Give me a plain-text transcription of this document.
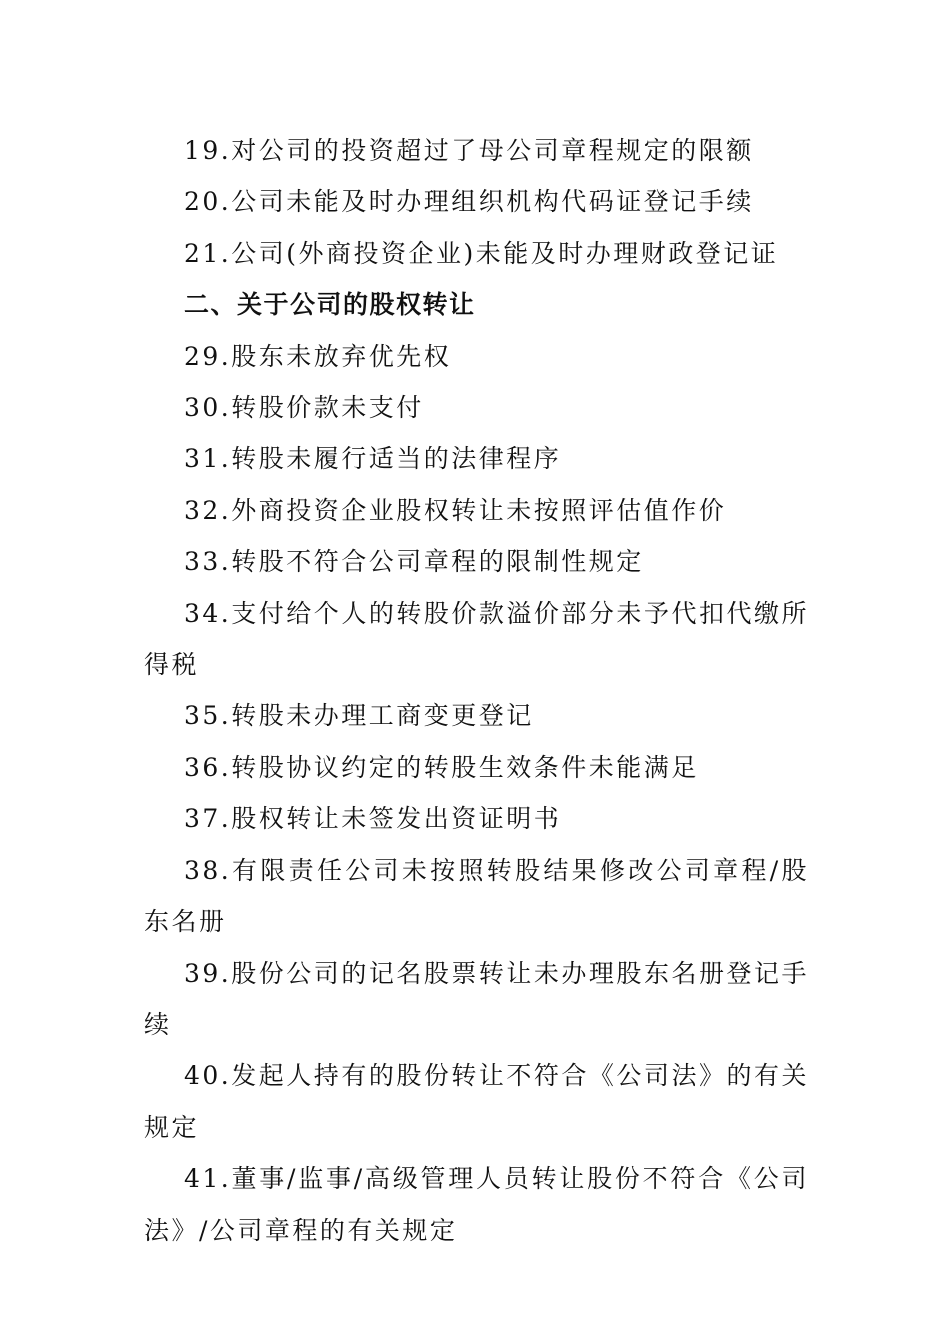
19.对公司的投资超过了母公司章程规定的限额

20.公司未能及时办理组织机构代码证登记手续

21.公司(外商投资企业)未能及时办理财政登记证

二、关于公司的股权转让

29.股东未放弃优先权

30.转股价款未支付

31.转股未履行适当的法律程序

32.外商投资企业股权转让未按照评估值作价

33.转股不符合公司章程的限制性规定

34.支付给个人的转股价款溢价部分未予代扣代缴所得税

35.转股未办理工商变更登记

36.转股协议约定的转股生效条件未能满足

37.股权转让未签发出资证明书

38.有限责任公司未按照转股结果修改公司章程/股东名册

39.股份公司的记名股票转让未办理股东名册登记手续

40.发起人持有的股份转让不符合《公司法》的有关规定

41.董事/监事/高级管理人员转让股份不符合《公司法》/公司章程的有关规定
